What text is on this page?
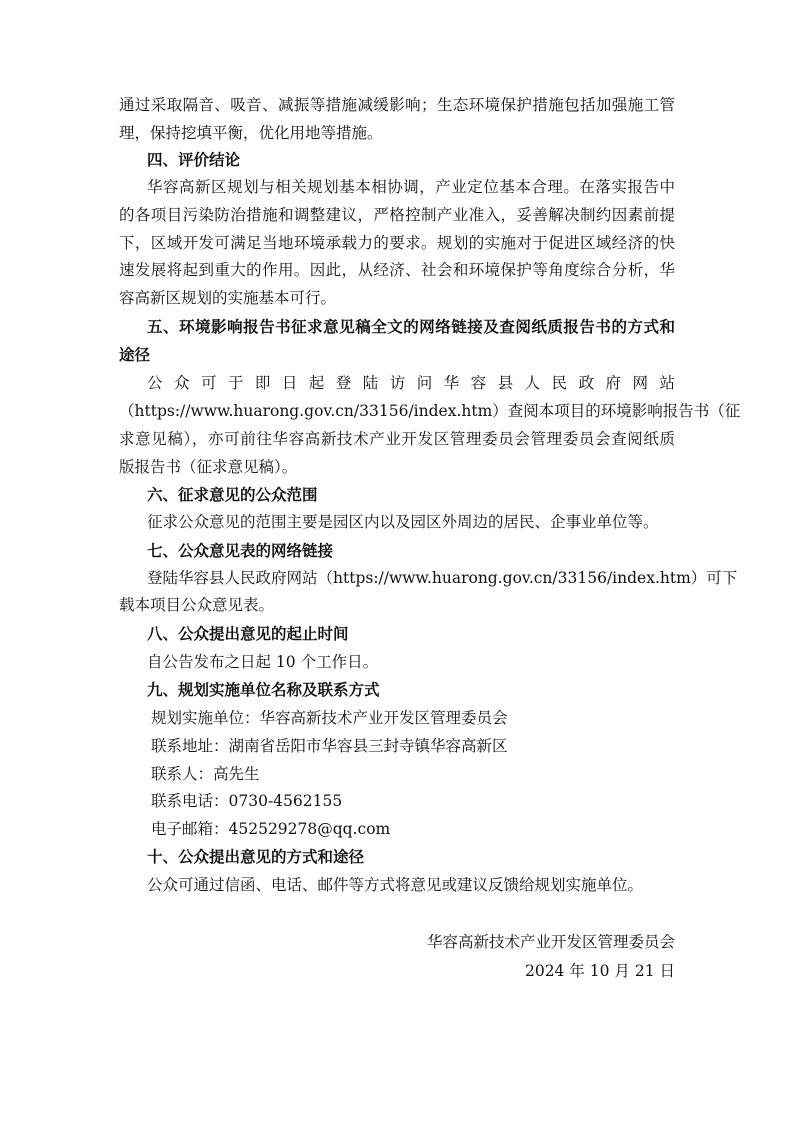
通过采取隔音、吸音、减振等措施减缓影响；生态环境保护措施包括加强施工管
理，保持挖填平衡，优化用地等措施。
四、评价结论
华容高新区规划与相关规划基本相协调，产业定位基本合理。在落实报告中
的各项目污染防治措施和调整建议，严格控制产业准入，妥善解决制约因素前提
下，区域开发可满足当地环境承载力的要求。规划的实施对于促进区域经济的快
速发展将起到重大的作用。因此，从经济、社会和环境保护等角度综合分析，华
容高新区规划的实施基本可行。
五、环境影响报告书征求意见稿全文的网络链接及查阅纸质报告书的方式和
途径
公众可于即日起登陆访问华容县人民政府网站
（https://www.huarong.gov.cn/33156/index.htm）查阅本项目的环境影响报告书（征
求意见稿），亦可前往华容高新技术产业开发区管理委员会管理委员会查阅纸质
版报告书（征求意见稿）。
六、征求意见的公众范围
征求公众意见的范围主要是园区内以及园区外周边的居民、企事业单位等。
七、公众意见表的网络链接
登陆华容县人民政府网站（https://www.huarong.gov.cn/33156/index.htm）可下
载本项目公众意见表。
八、公众提出意见的起止时间
自公告发布之日起 10 个工作日。
九、规划实施单位名称及联系方式
规划实施单位：华容高新技术产业开发区管理委员会
联系地址：湖南省岳阳市华容县三封寺镇华容高新区
联系人：高先生
联系电话：0730-4562155
电子邮箱：452529278@qq.com
十、公众提出意见的方式和途径
公众可通过信函、电话、邮件等方式将意见或建议反馈给规划实施单位。
华容高新技术产业开发区管理委员会
2024 年 10 月 21 日
